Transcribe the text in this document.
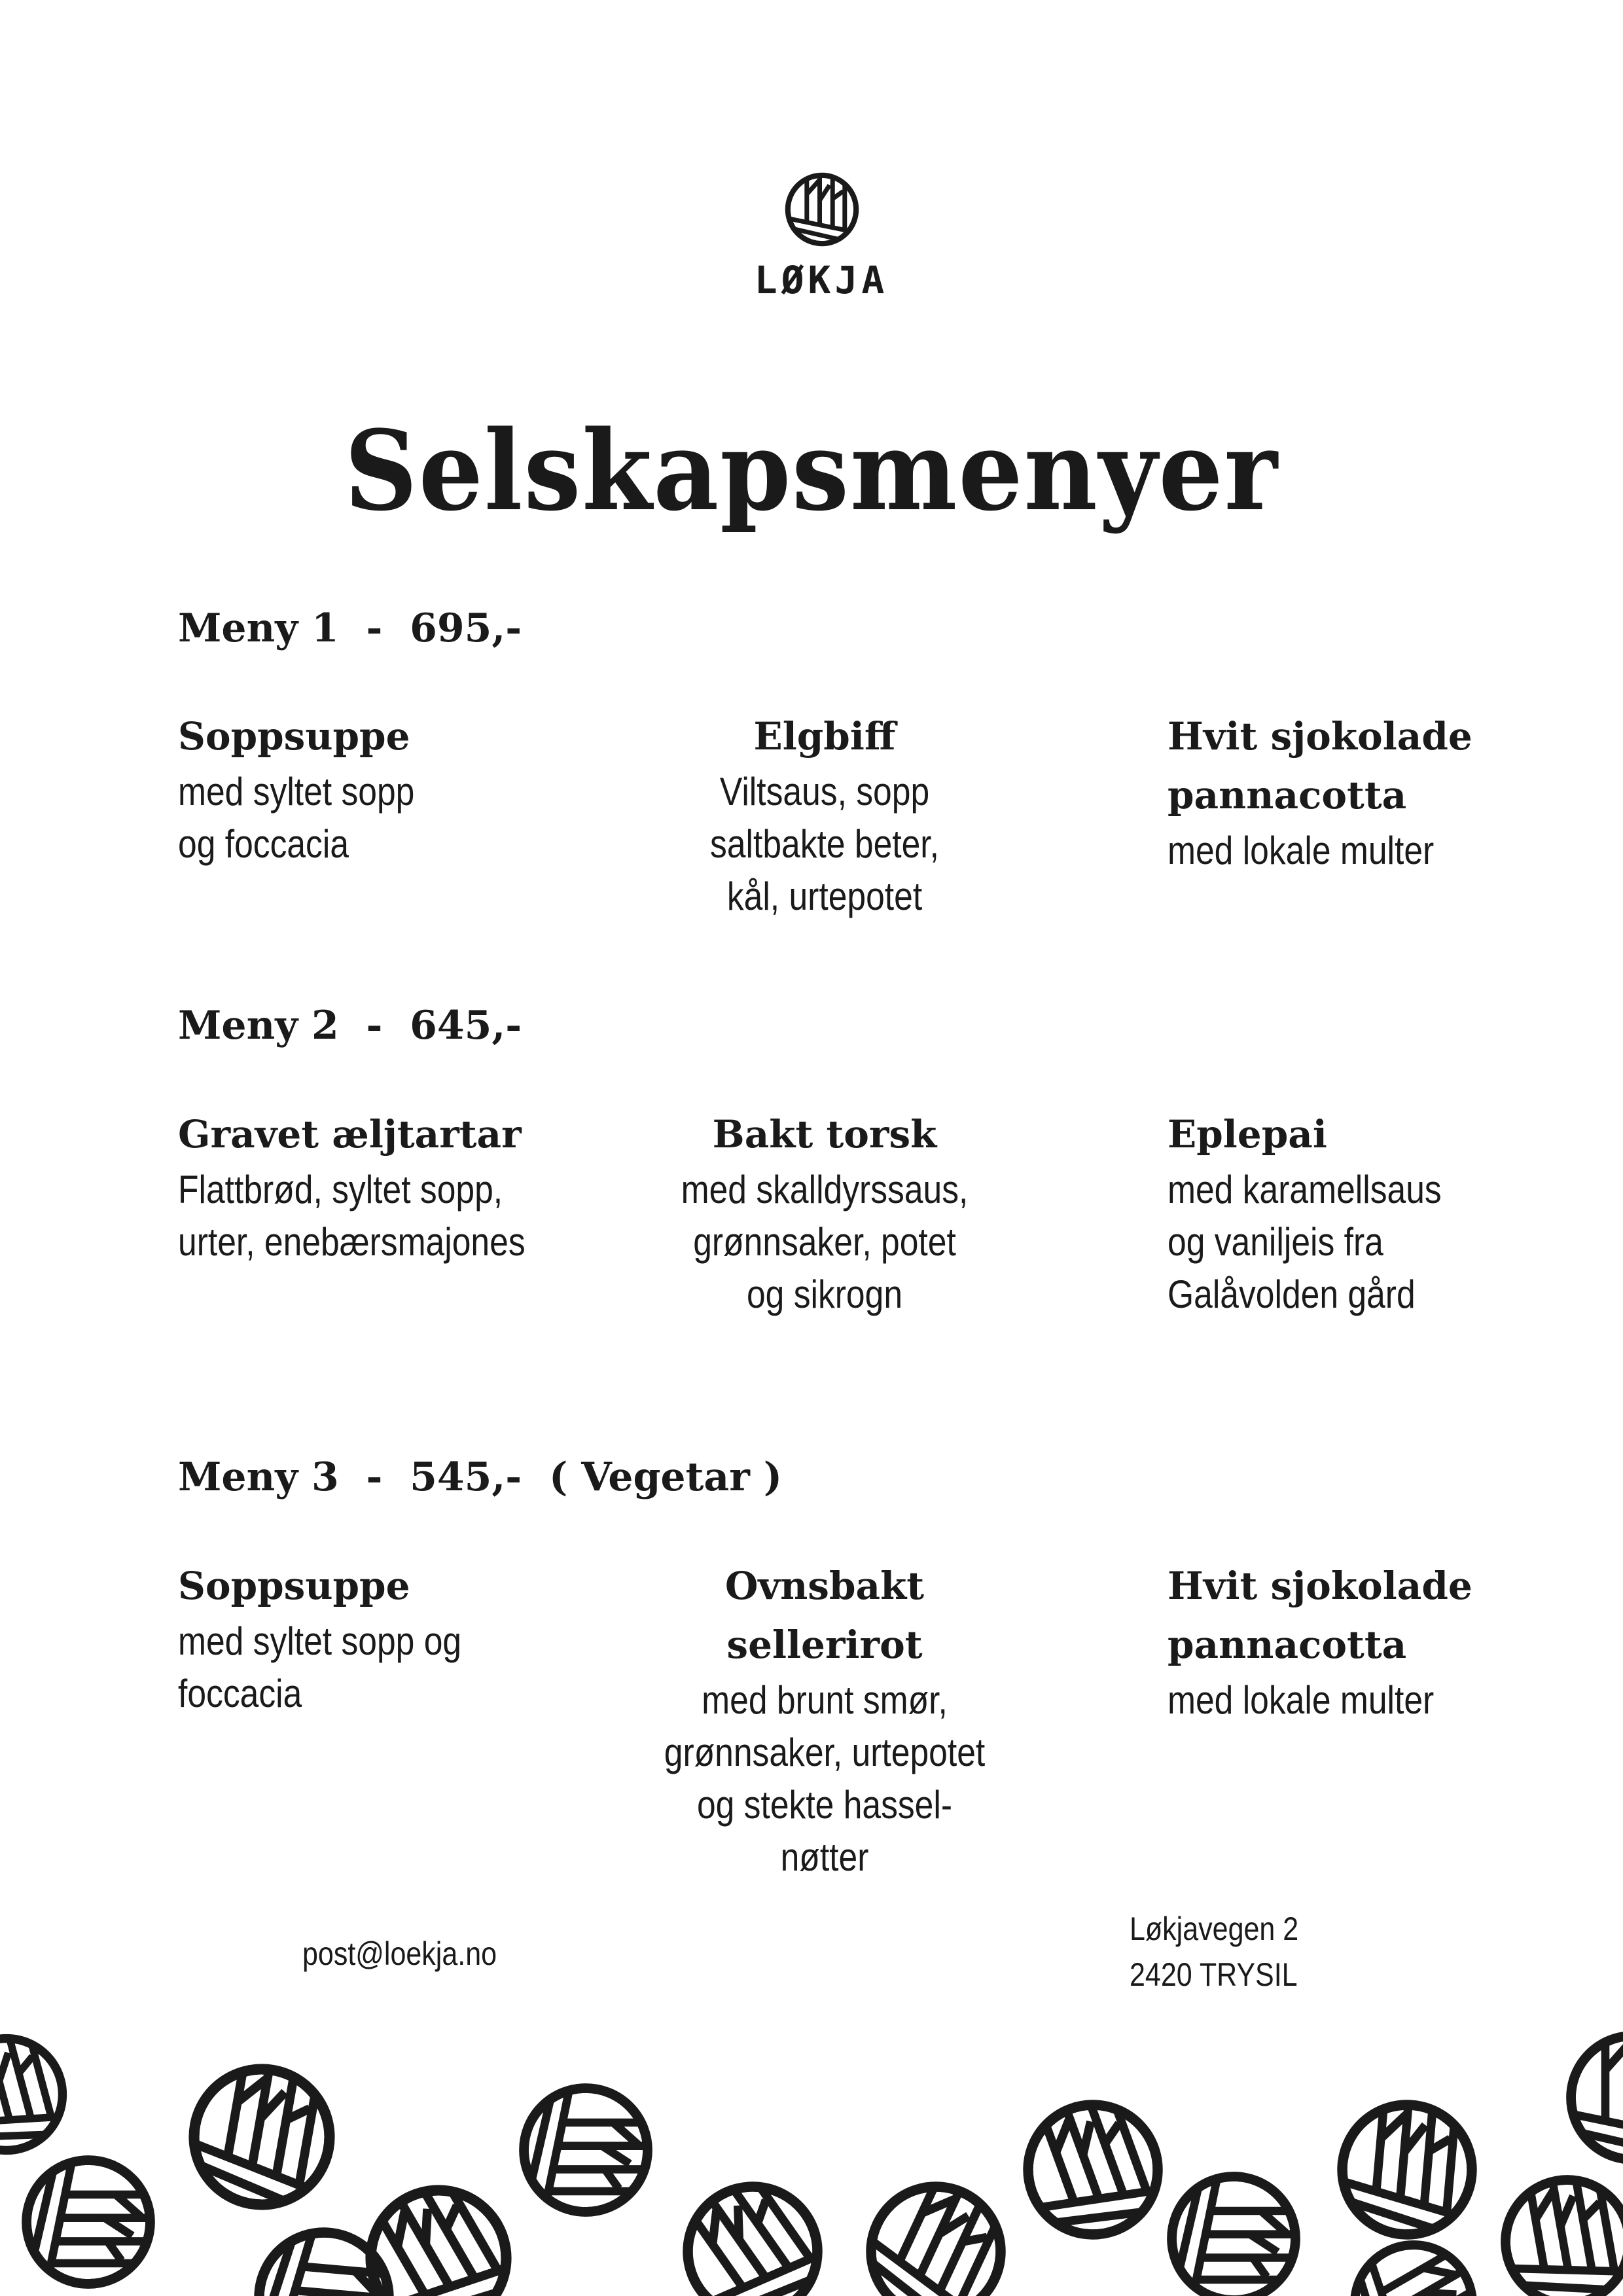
LØKJA
Selskapsmenyer
Meny 1  -  695,-
Soppsuppe
med syltet sopp
og foccacia
Elgbiff
Viltsaus, sopp
saltbakte beter,
kål, urtepotet
Hvit sjokolade
pannacotta
med lokale multer
Meny 2  -  645,-
Gravet æljtartar
Flattbrød, syltet sopp,
urter, enebærsmajones
Bakt torsk
med skalldyrssaus,
grønnsaker, potet
og sikrogn
Eplepai
med karamellsaus
og vaniljeis fra
Galåvolden gård
Meny 3  -  545,-  ( Vegetar )
Soppsuppe
med syltet sopp og
foccacia
Ovnsbakt sellerirot
med brunt smør,
grønnsaker, urtepotet
og stekte hassel-
nøtter
Hvit sjokolade
pannacotta
med lokale multer
post@loekja.no
Løkjavegen 2
2420 TRYSIL
